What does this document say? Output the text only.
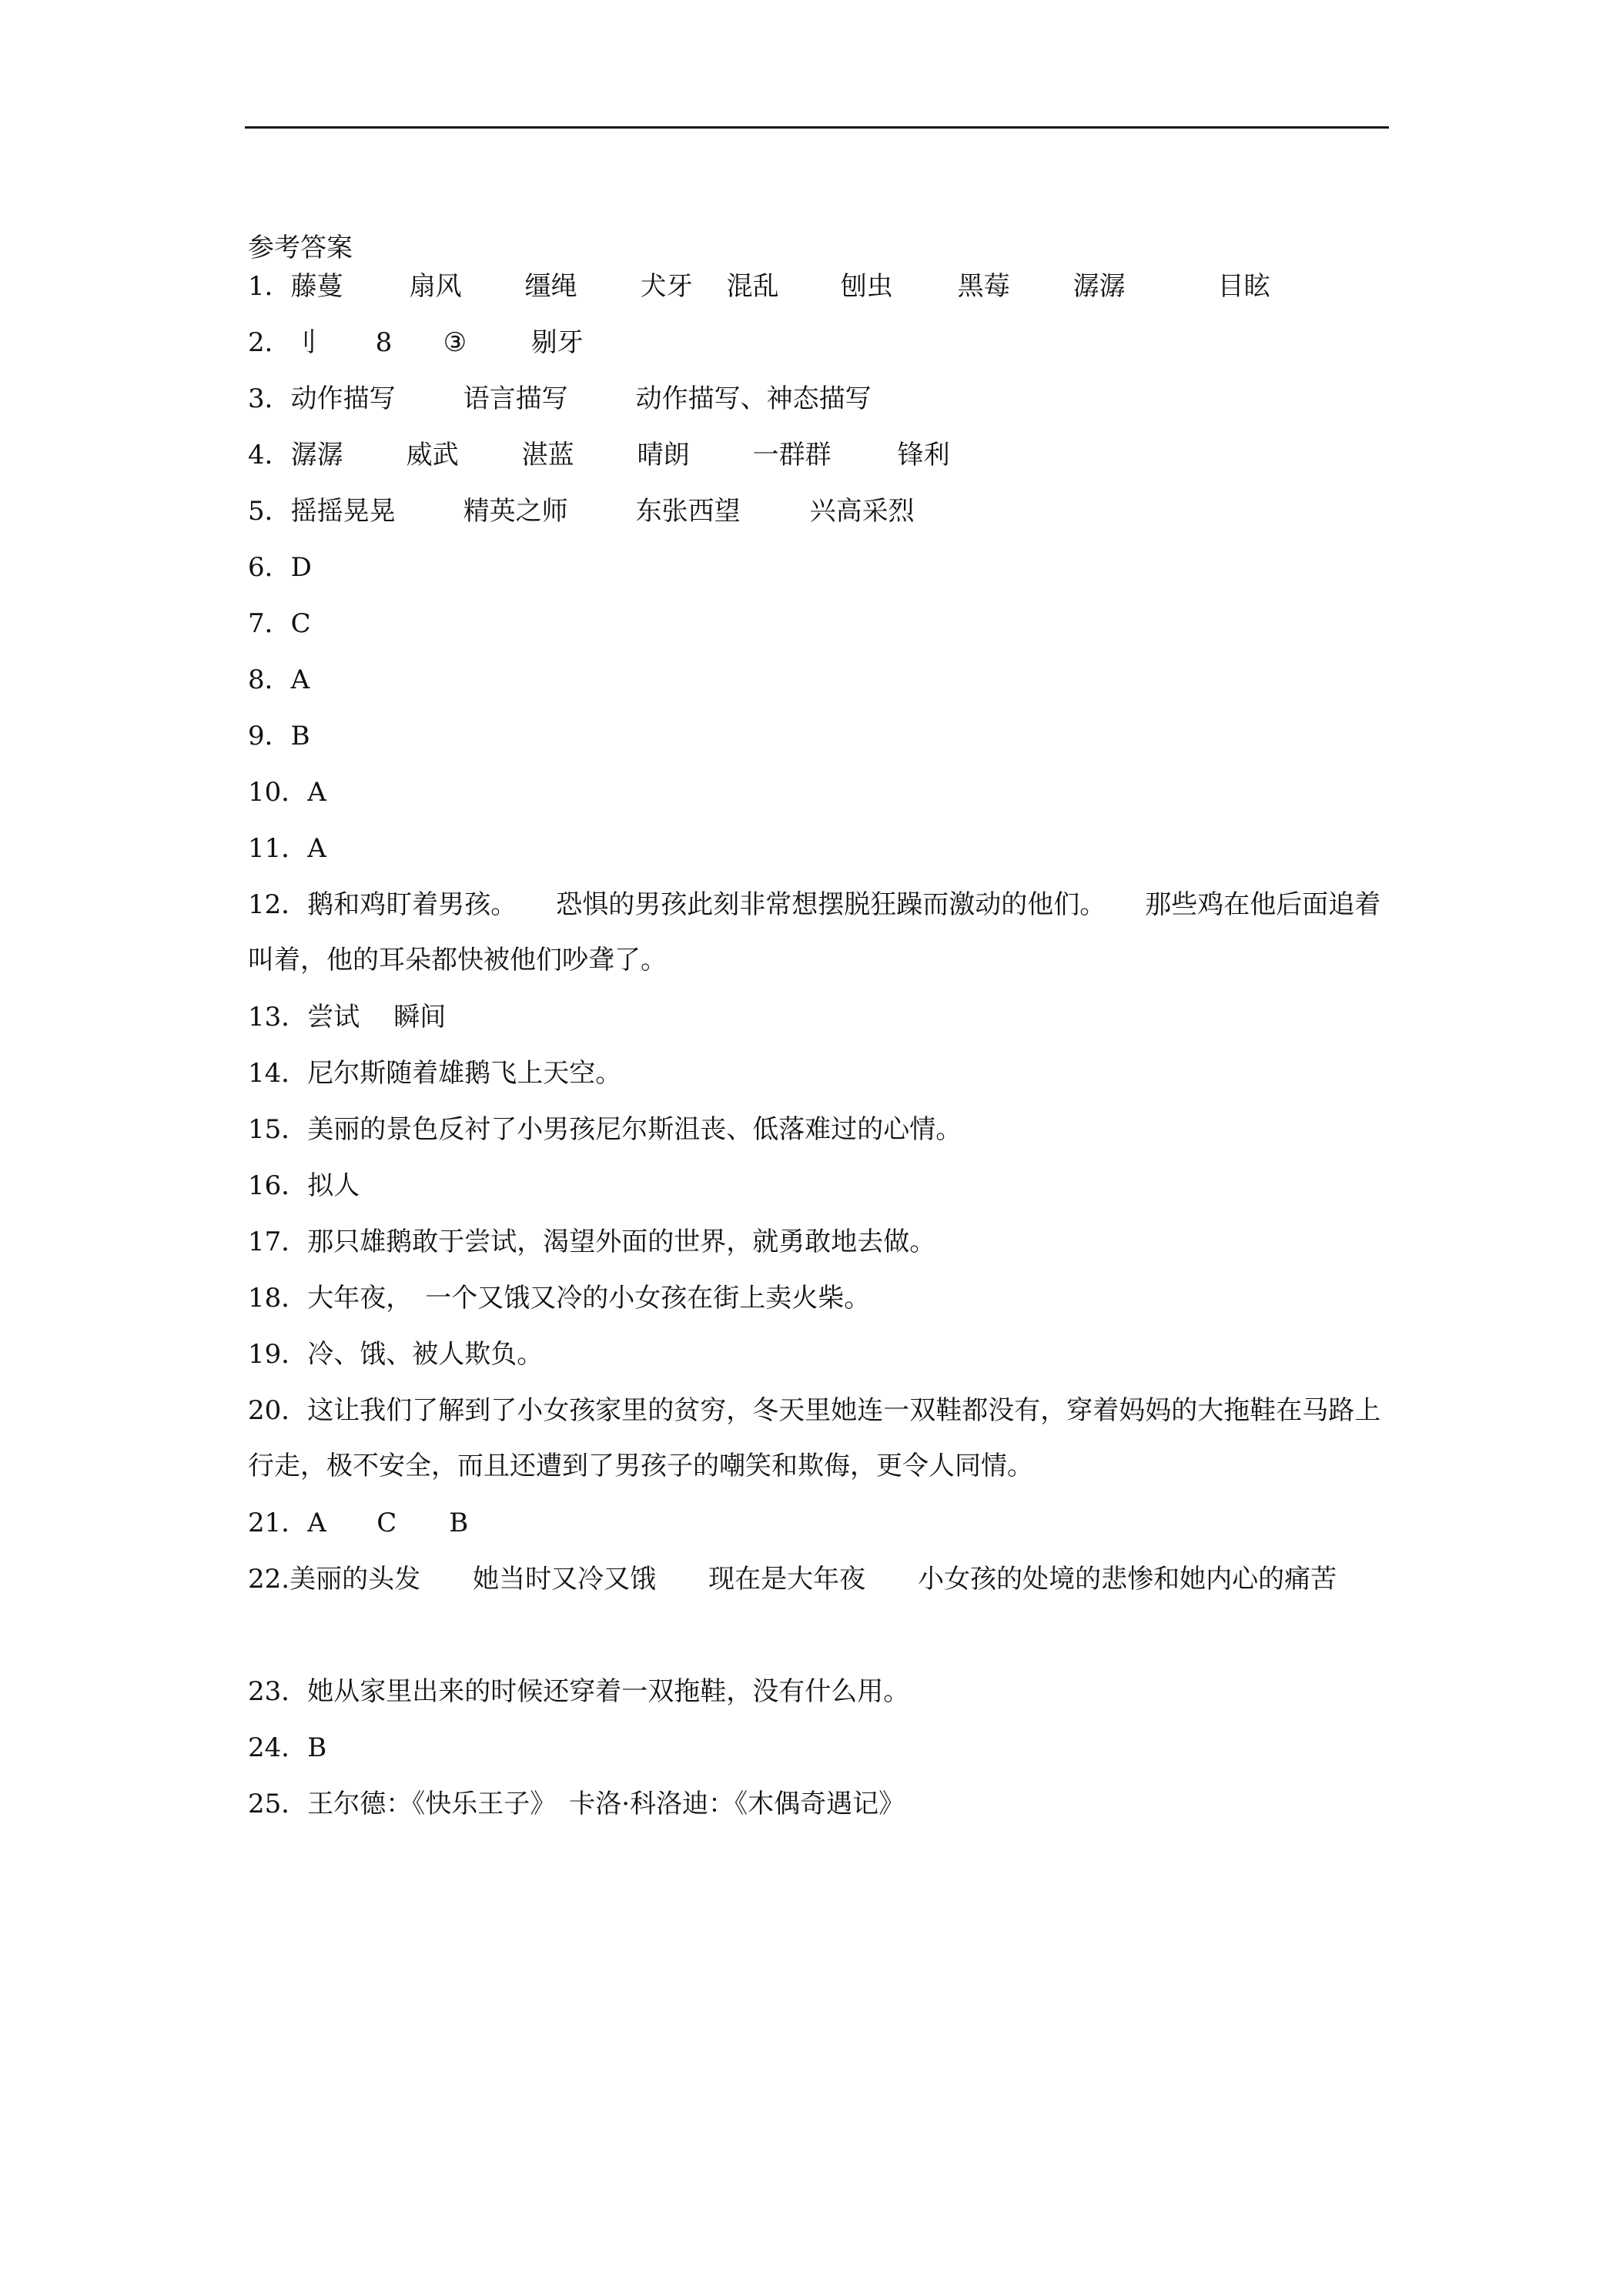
参考答案
1．藤蔓	扇风 缰绳 犬牙 混乱 刨虫 黑莓 潺潺	目眩
2．刂 8 ③ 剔牙
3．动作描写	语言描写	动作描写、神态描写
4．潺潺 威武 湛蓝 晴朗 一群群	锋利
5．摇摇晃晃	精英之师	东张西望	兴高采烈
6．D
7．C
8．A
9．B
10．A
11．A
12．鹅和鸡盯着男孩。　　恐惧的男孩此刻非常想摆脱狂躁而激动的他们。　　那些鸡在他后面追着叫着，他的耳朵都快被他们吵聋了。
13．尝试 瞬间
14．尼尔斯随着雄鹅飞上天空。
15．美丽的景色反衬了小男孩尼尔斯沮丧、低落难过的心情。
16．拟人
17．那只雄鹅敢于尝试，渴望外面的世界，就勇敢地去做。
18．大年夜，　一个又饿又冷的小女孩在街上卖火柴。
19．冷、饿、被人欺负。
20．这让我们了解到了小女孩家里的贫穷，冬天里她连一双鞋都没有，穿着妈妈的大拖鞋在马路上行走，极不安全，而且还遭到了男孩子的嘲笑和欺侮，更令人同情。
21．A C B
22.美丽的头发　　她当时又冷又饿　　现在是大年夜　　小女孩的处境的悲惨和她内心的痛苦
23．她从家里出来的时候还穿着一双拖鞋，没有什么用。
24．B
25．王尔德：《快乐王子》　卡洛·科洛迪：《木偶奇遇记》
